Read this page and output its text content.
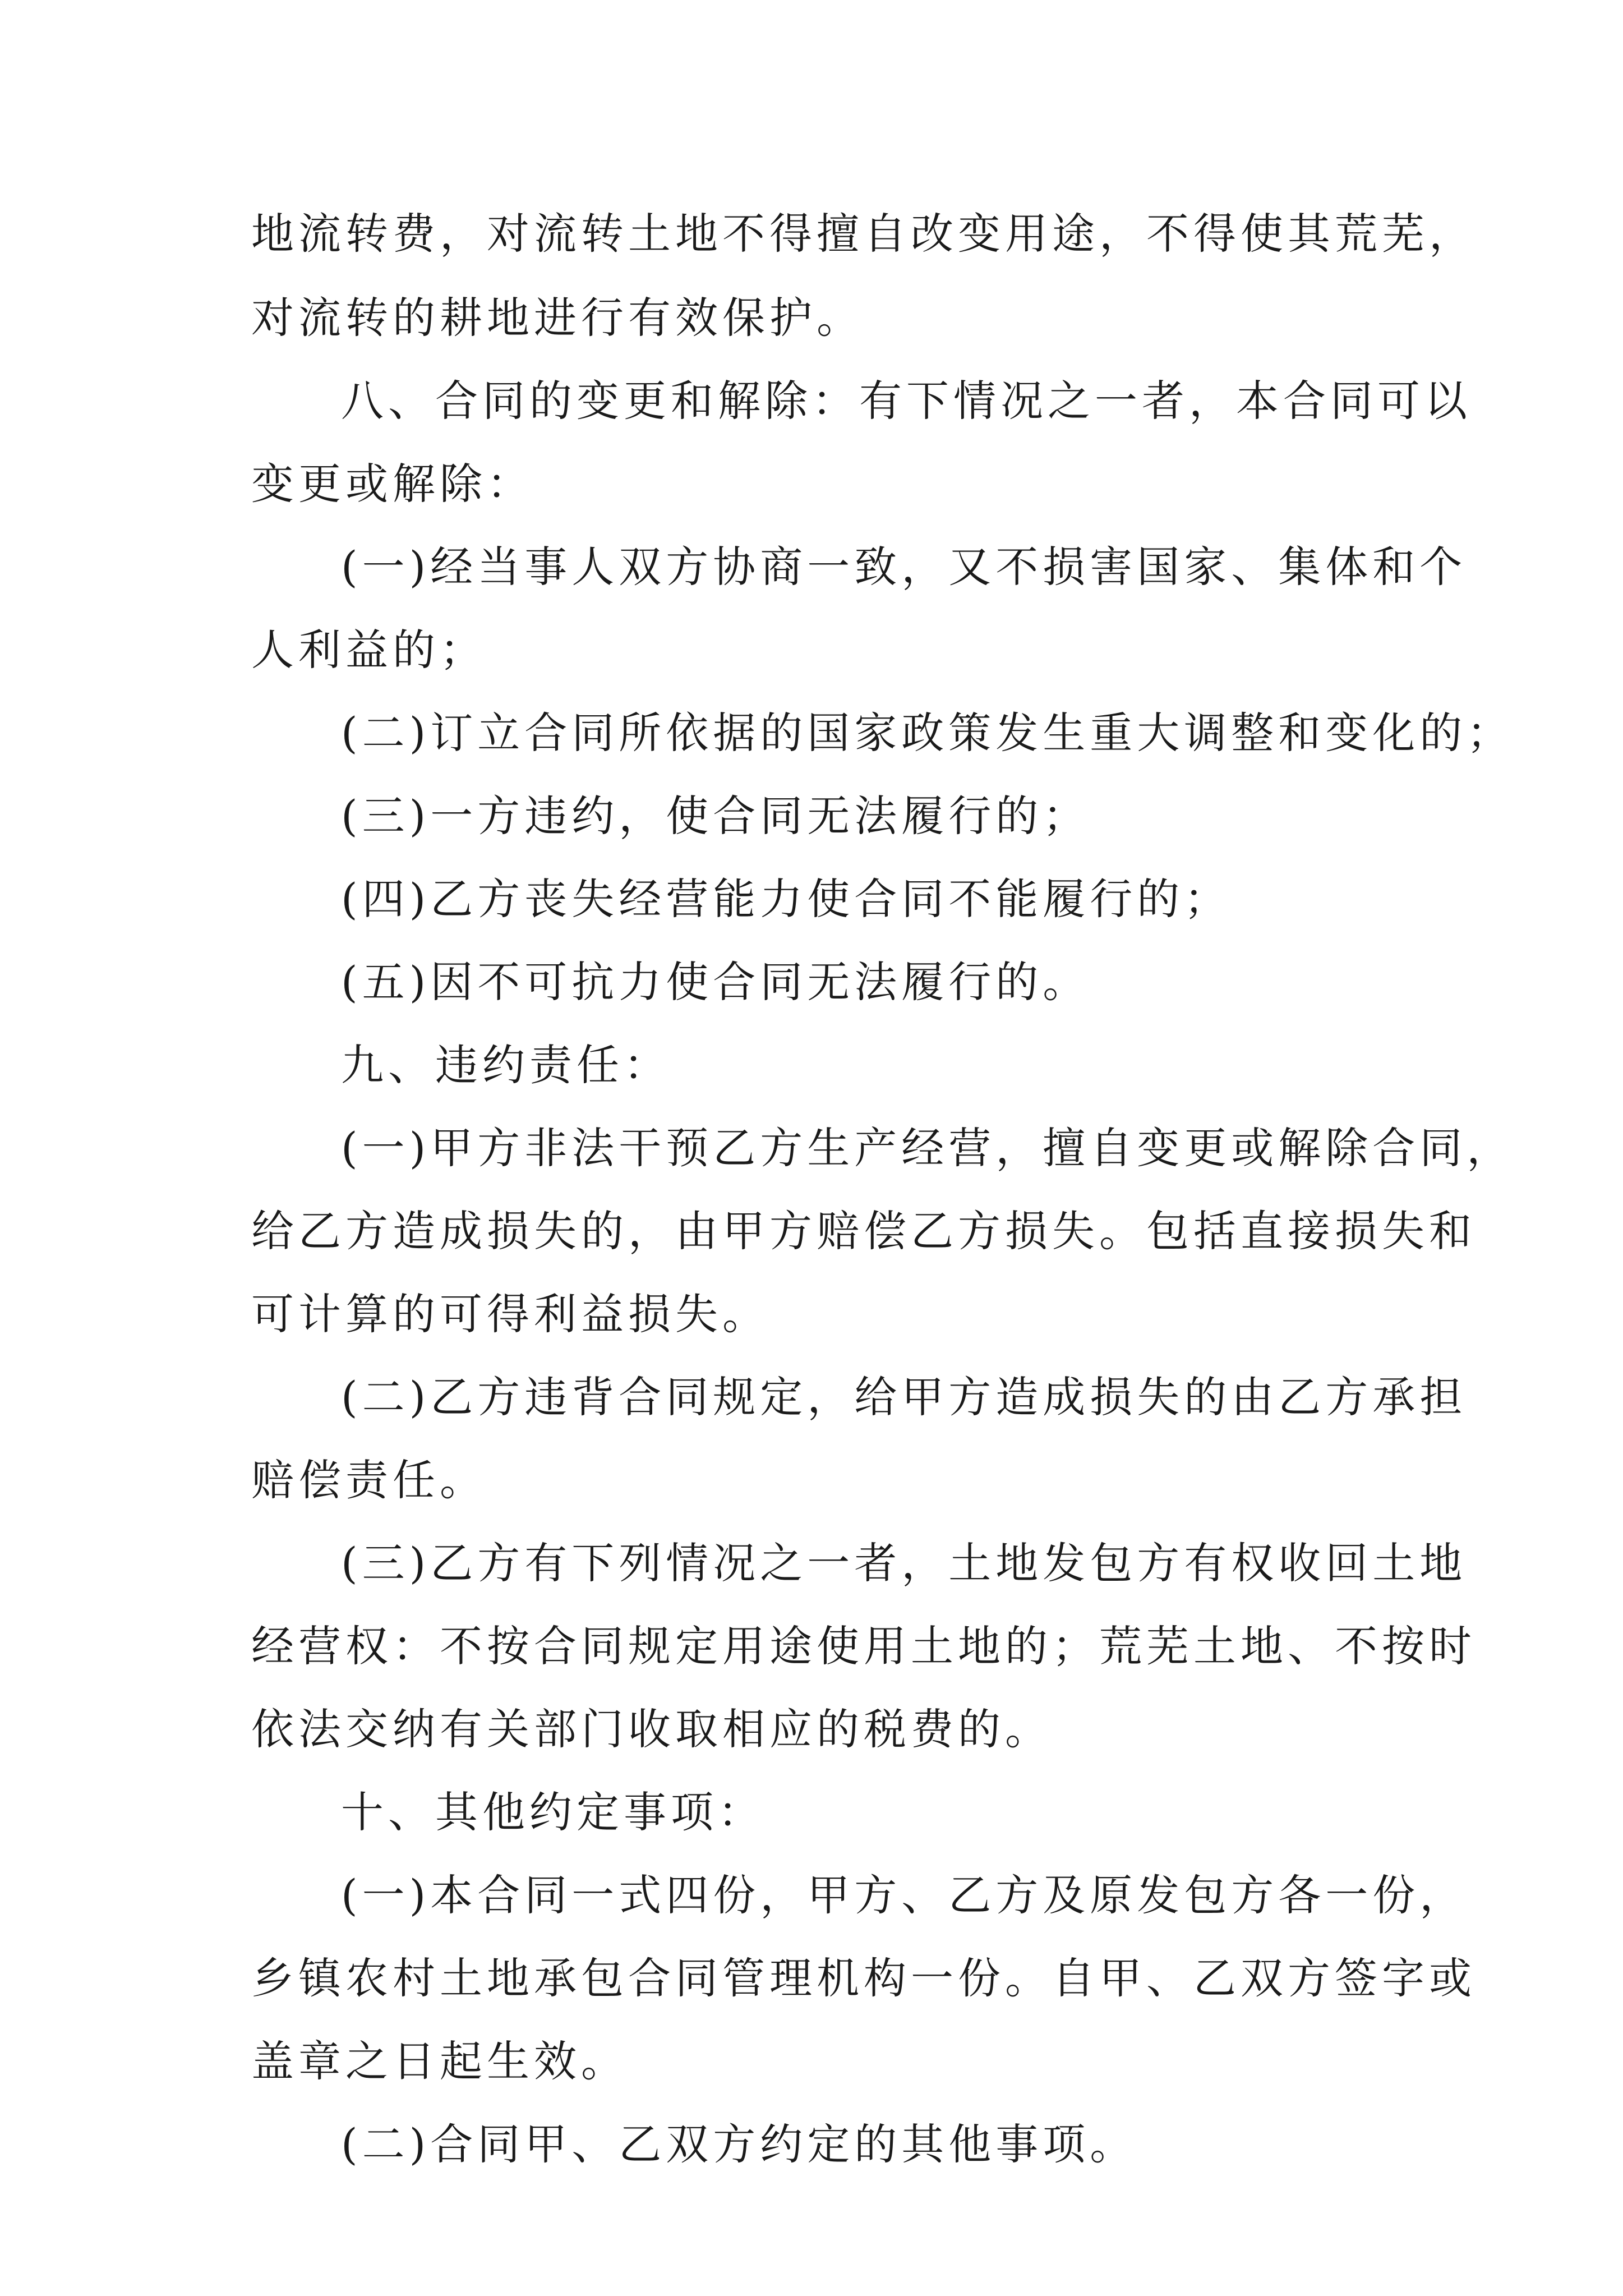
地流转费，对流转土地不得擅自改变用途，不得使其荒芜，

对流转的耕地进行有效保护。

八、合同的变更和解除：有下情况之一者，本合同可以

变更或解除：

(一)经当事人双方协商一致，又不损害国家、集体和个

人利益的；

(二)订立合同所依据的国家政策发生重大调整和变化的；

(三)一方违约，使合同无法履行的；

(四)乙方丧失经营能力使合同不能履行的；

(五)因不可抗力使合同无法履行的。

九、违约责任：

(一)甲方非法干预乙方生产经营，擅自变更或解除合同，

给乙方造成损失的，由甲方赔偿乙方损失。包括直接损失和

可计算的可得利益损失。

(二)乙方违背合同规定，给甲方造成损失的由乙方承担

赔偿责任。

(三)乙方有下列情况之一者，土地发包方有权收回土地

经营权：不按合同规定用途使用土地的；荒芜土地、不按时

依法交纳有关部门收取相应的税费的。

十、其他约定事项：

(一)本合同一式四份，甲方、乙方及原发包方各一份，

乡镇农村土地承包合同管理机构一份。自甲、乙双方签字或

盖章之日起生效。

(二)合同甲、乙双方约定的其他事项。
